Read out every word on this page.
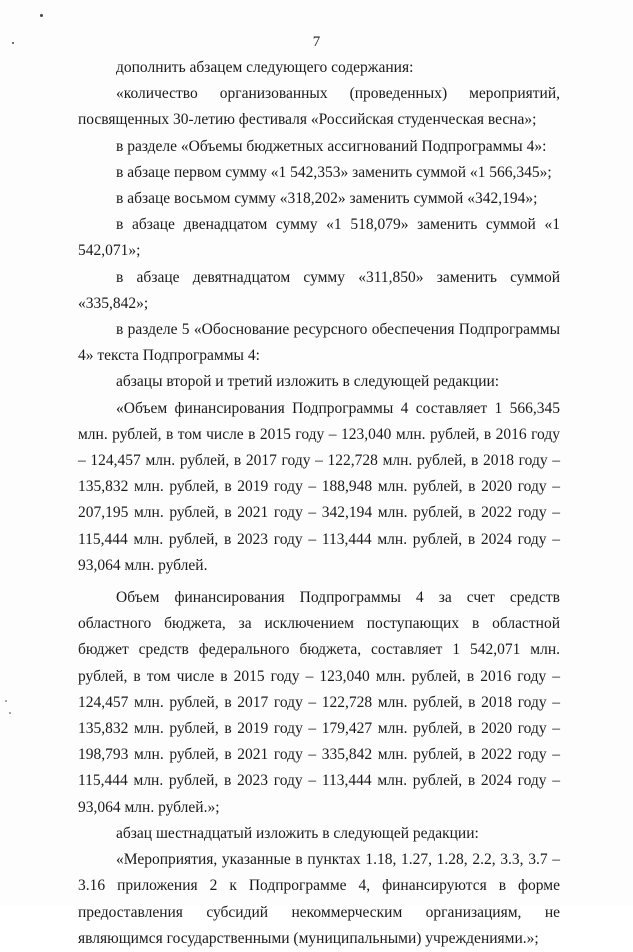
7

дополнить абзацем следующего содержания:

«количество организованных (проведенных) мероприятий, посвященных 30-летию фестиваля «Российская студенческая весна»;

в разделе «Объемы бюджетных ассигнований Подпрограммы 4»:

в абзаце первом сумму «1 542,353» заменить суммой «1 566,345»;

в абзаце восьмом сумму «318,202» заменить суммой «342,194»;

в абзаце двенадцатом сумму «1 518,079» заменить суммой «1 542,071»;

в абзаце девятнадцатом сумму «311,850» заменить суммой «335,842»;

в разделе 5 «Обоснование ресурсного обеспечения Подпрограммы 4» текста Подпрограммы 4:

абзацы второй и третий изложить в следующей редакции:

«Объем финансирования Подпрограммы 4 составляет 1 566,345 млн. рублей, в том числе в 2015 году – 123,040 млн. рублей, в 2016 году – 124,457 млн. рублей, в 2017 году – 122,728 млн. рублей, в 2018 году – 135,832 млн. рублей, в 2019 году – 188,948 млн. рублей, в 2020 году – 207,195 млн. рублей, в 2021 году – 342,194 млн. рублей, в 2022 году – 115,444 млн. рублей, в 2023 году – 113,444 млн. рублей, в 2024 году – 93,064 млн. рублей.

Объем финансирования Подпрограммы 4 за счет средств областного бюджета, за исключением поступающих в областной бюджет средств федерального бюджета, составляет 1 542,071 млн. рублей, в том числе в 2015 году – 123,040 млн. рублей, в 2016 году – 124,457 млн. рублей, в 2017 году – 122,728 млн. рублей, в 2018 году – 135,832 млн. рублей, в 2019 году – 179,427 млн. рублей, в 2020 году – 198,793 млн. рублей, в 2021 году – 335,842 млн. рублей, в 2022 году – 115,444 млн. рублей, в 2023 году – 113,444 млн. рублей, в 2024 году – 93,064 млн. рублей.»;

абзац шестнадцатый изложить в следующей редакции:

«Мероприятия, указанные в пунктах 1.18, 1.27, 1.28, 2.2, 3.3, 3.7 – 3.16 приложения 2 к Подпрограмме 4, финансируются в форме предоставления субсидий некоммерческим организациям, не являющимся государственными (муниципальными) учреждениями.»;
